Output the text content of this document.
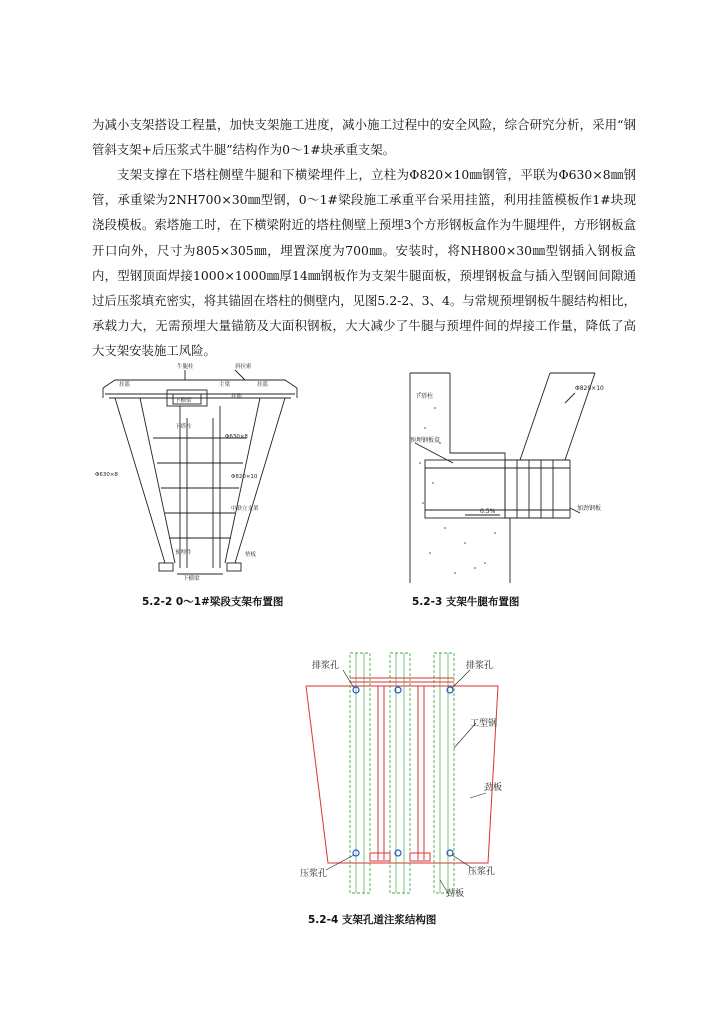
为减小支架搭设工程量，加快支架施工进度，减小施工过程中的安全风险，综合研究分析，采用“钢管斜支架+后压浆式牛腿”结构作为0～1#块承重支架。

支架支撑在下塔柱侧壁牛腿和下横梁埋件上，立柱为Φ820×10㎜钢管，平联为Φ630×8㎜钢管，承重梁为2NH700×30㎜型钢，0～1#梁段施工承重平台采用挂篮，利用挂篮模板作1#块现浇段模板。索塔施工时，在下横梁附近的塔柱侧壁上预埋3个方形钢板盒作为牛腿埋件，方形钢板盒开口向外，尺寸为805×305㎜，埋置深度为700㎜。安装时，将NH800×30㎜型钢插入钢板盒内，型钢顶面焊接1000×1000㎜厚14㎜钢板作为支架牛腿面板，预埋钢板盒与插入型钢间间隙通过后压浆填充密实，将其锚固在塔柱的侧壁内，见图5.2-2、3、4。与常规预埋钢板牛腿结构相比，承载力大，无需预埋大量锚筋及大面积钢板，大大减少了牛腿与预埋件间的焊接工作量，降低了高大支架安装施工风险。

牛腿柱	斜拉索
挂篮	主梁	挂篮
挂篮
下横梁
下塔柱
Φ630×8
Φ630×8	Φ820×10
中联立支架
预埋件	垫板
下横梁
5.2-2 0～1#梁段支架布置图
下塔柱
Φ820×10
预埋钢板盒
0.5%	加劲钢板
5.2-3 支架牛腿布置图
排浆孔	排浆孔
工型钢
劲板
压浆孔	压浆孔
劲板
5.2-4 支架孔道注浆结构图
